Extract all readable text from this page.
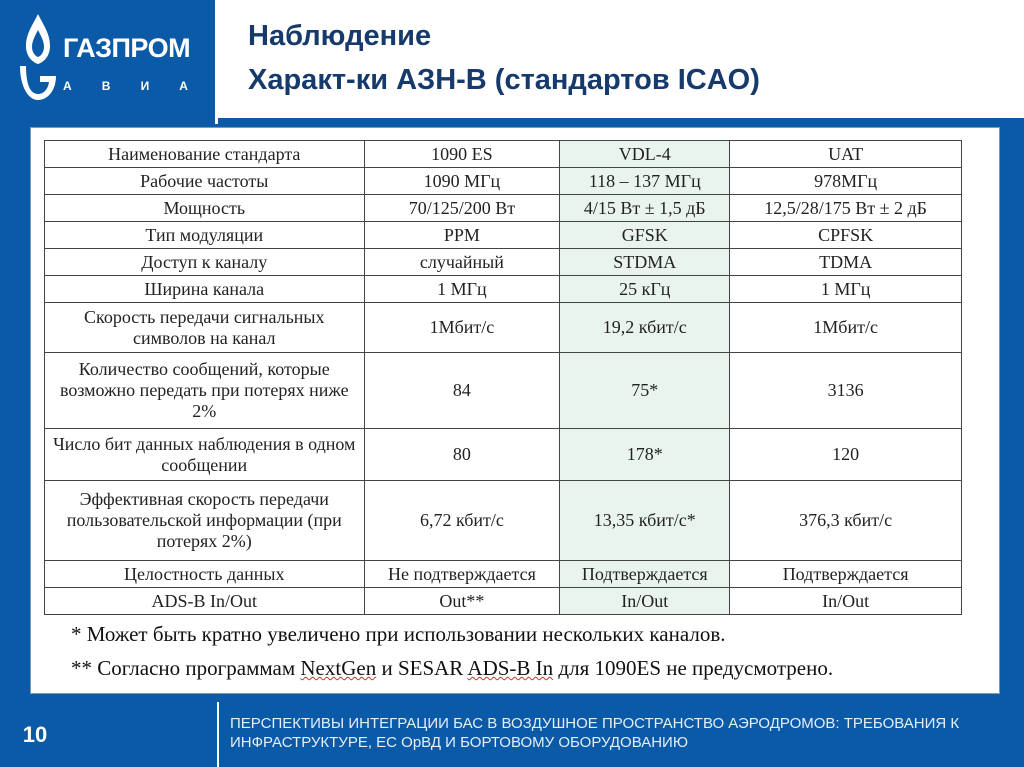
ГАЗПРОМ
А	В	И	А
Наблюдение
Характ-ки АЗН-В (стандартов ICAO)
Наименование стандарта	1090 ES	VDL-4	UAT
Рабочие частоты	1090 МГц	118 – 137 МГц	978МГц
Мощность	70/125/200 Вт	4/15 Вт ± 1,5 дБ	12,5/28/175 Вт ± 2 дБ
Тип модуляции	PPM	GFSK	CPFSK
Доступ к каналу	случайный	STDMA	TDMA
Ширина канала	1 МГц	25 кГц	1 МГц
Скорость передачи сигнальных символов на канал	1Мбит/с	19,2 кбит/с	1Мбит/с
Количество сообщений, которые возможно передать при потерях ниже 2%	84	75*	3136
Число бит данных наблюдения в одном сообщении	80	178*	120
Эффективная скорость передачи пользовательской информации (при потерях 2%)	6,72 кбит/с	13,35 кбит/с*	376,3 кбит/с
Целостность данных	Не подтверждается	Подтверждается	Подтверждается
ADS-B In/Out	Out**	In/Out	In/Out

* Может быть кратно увеличено при использовании нескольких каналов.

** Согласно программам NextGen и SESAR ADS-B In для 1090ES не предусмотрено.

10	ПЕРСПЕКТИВЫ ИНТЕГРАЦИИ БАС В ВОЗДУШНОЕ ПРОСТРАНСТВО АЭРОДРОМОВ: ТРЕБОВАНИЯ К ИНФРАСТРУКТУРЕ, ЕС ОрВД И БОРТОВОМУ ОБОРУДОВАНИЮ
